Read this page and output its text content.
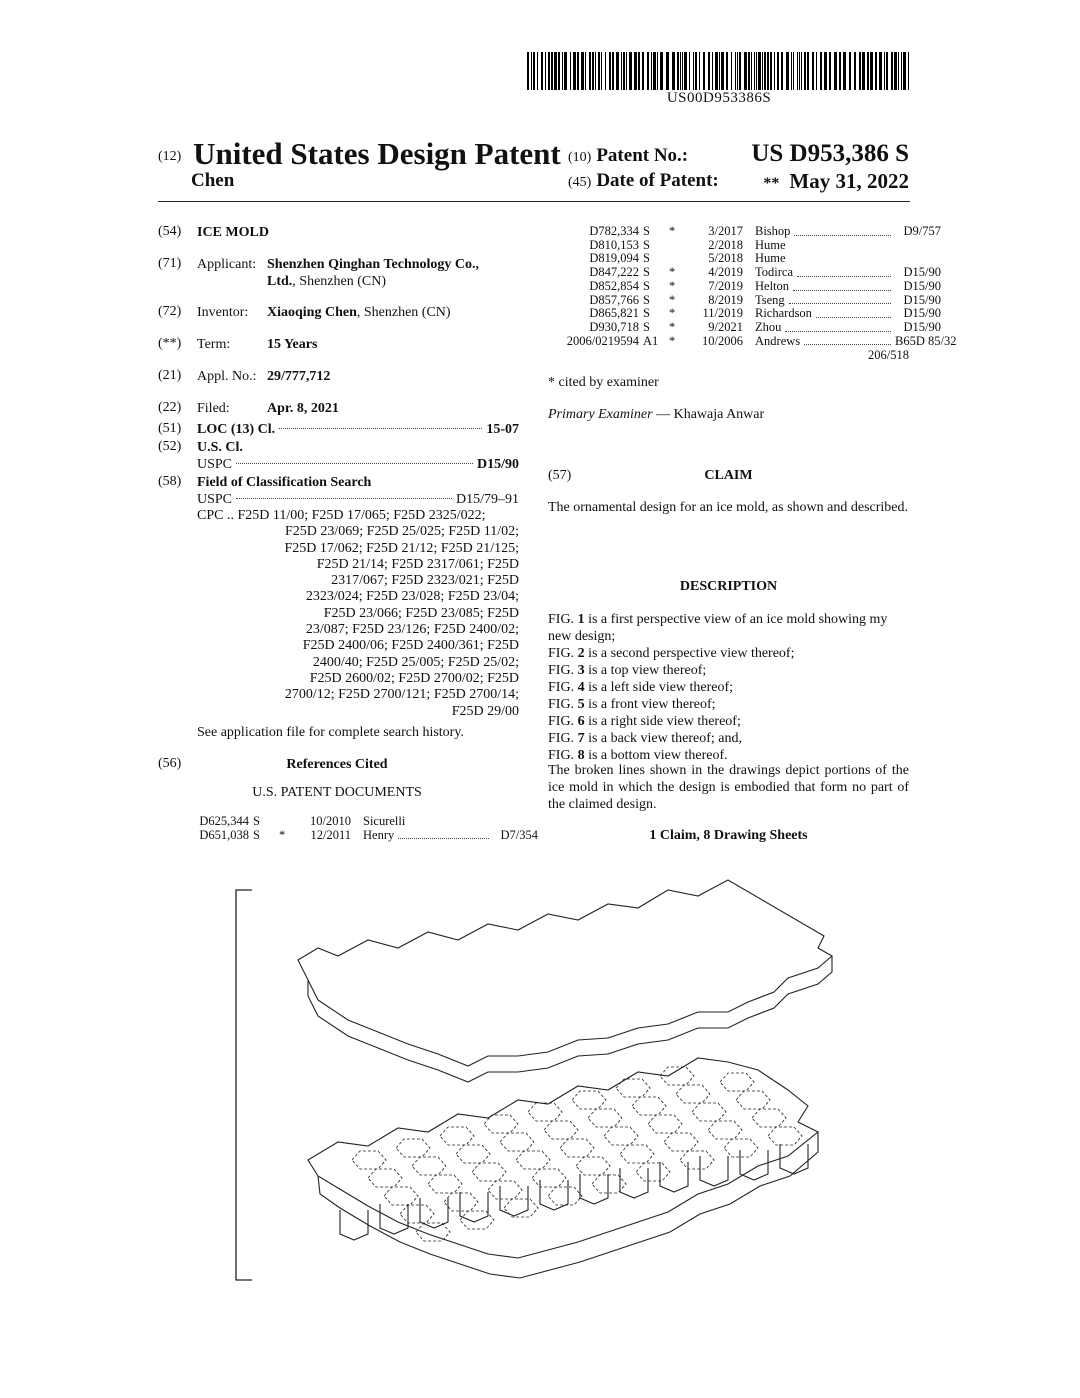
US00D953386S
(12) United States Design Patent (10) Patent No.:	US D953,386 S
Chen	(45) Date of Patent:	** May 31, 2022
(54) ICE MOLD
(71) Applicant: Shenzhen Qinghan Technology Co.,

Ltd., Shenzhen (CN)
(72) Inventor: Xiaoqing Chen, Shenzhen (CN)
(**) Term:	15 Years
(21) Appl. No.: 29/777,712
(22) Filed:	Apr. 8, 2021
(51) LOC (13) Cl.	15-07
(52) U.S. Cl.
USPC	D15/90
(58) Field of Classification Search
USPC	D15/79–91
CPC .. F25D 11/00; F25D 17/065; F25D 2325/022;
F25D 23/069; F25D 25/025; F25D 11/02;
F25D 17/062; F25D 21/12; F25D 21/125;
F25D 21/14; F25D 2317/061; F25D
2317/067; F25D 2323/021; F25D
2323/024; F25D 23/028; F25D 23/04;
F25D 23/066; F25D 23/085; F25D
23/087; F25D 23/126; F25D 2400/02;
F25D 2400/06; F25D 2400/361; F25D
2400/40; F25D 25/005; F25D 25/02;
F25D 2600/02; F25D 2700/02; F25D
2700/12; F25D 2700/121; F25D 2700/14;
F25D 29/00
See application file for complete search history.
(56)	References Cited
U.S. PATENT DOCUMENTS
D625,344 S	10/2010 Sicurelli
D651,038 S * 12/2011 Henry	D7/354
D782,334 S *	3/2017 Bishop	D9/757
D810,153 S	2/2018 Hume
D819,094 S	5/2018 Hume
D847,222 S *	4/2019 Todirca	D15/90
D852,854 S *	7/2019 Helton	D15/90
D857,766 S *	8/2019 Tseng	D15/90
D865,821 S * 11/2019 Richardson	D15/90
D930,718 S *	9/2021 Zhou	D15/90
2006/0219594 A1 * 10/2006 Andrews	B65D 85/32
206/518
* cited by examiner
Primary Examiner — Khawaja Anwar
(57)	CLAIM
The ornamental design for an ice mold, as shown and described.
DESCRIPTION
FIG. 1 is a first perspective view of an ice mold showing my new design;
FIG. 2 is a second perspective view thereof;
FIG. 3 is a top view thereof;
FIG. 4 is a left side view thereof;
FIG. 5 is a front view thereof;
FIG. 6 is a right side view thereof;
FIG. 7 is a back view thereof; and,
FIG. 8 is a bottom view thereof.
The broken lines shown in the drawings depict portions of the ice mold in which the design is embodied that form no part of the claimed design.
1 Claim, 8 Drawing Sheets
